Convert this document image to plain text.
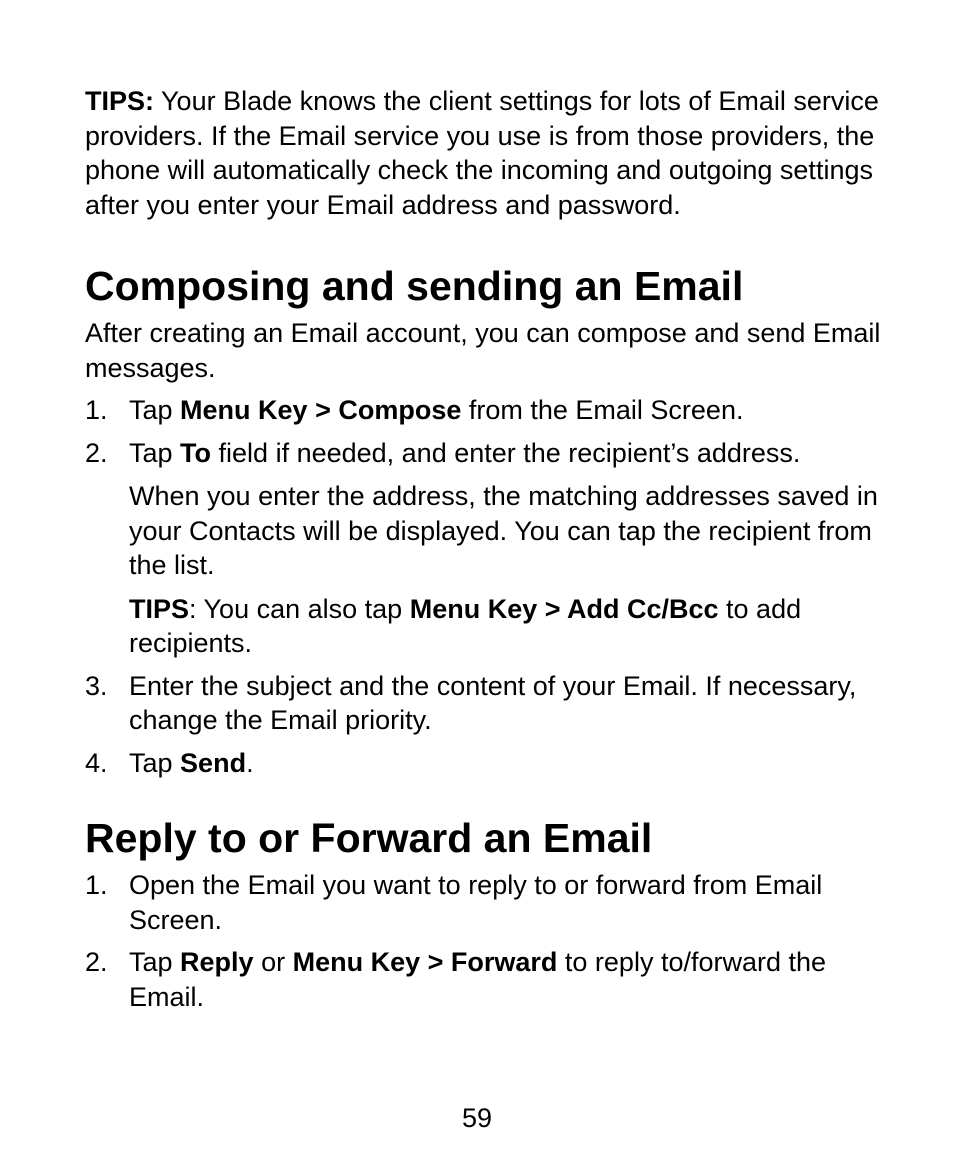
TIPS: Your Blade knows the client settings for lots of Email service providers. If the Email service you use is from those providers, the phone will automatically check the incoming and outgoing settings after you enter your Email address and password.

Composing and sending an Email

After creating an Email account, you can compose and send Email messages.

1. Tap Menu Key > Compose from the Email Screen.

2. Tap To field if needed, and enter the recipient’s address.

When you enter the address, the matching addresses saved in your Contacts will be displayed. You can tap the recipient from the list.

TIPS: You can also tap Menu Key > Add Cc/Bcc to add recipients.

3. Enter the subject and the content of your Email. If necessary, change the Email priority.

4. Tap Send.

Reply to or Forward an Email
1. Open the Email you want to reply to or forward from Email Screen.

2. Tap Reply or Menu Key > Forward to reply to/forward the Email.

59
